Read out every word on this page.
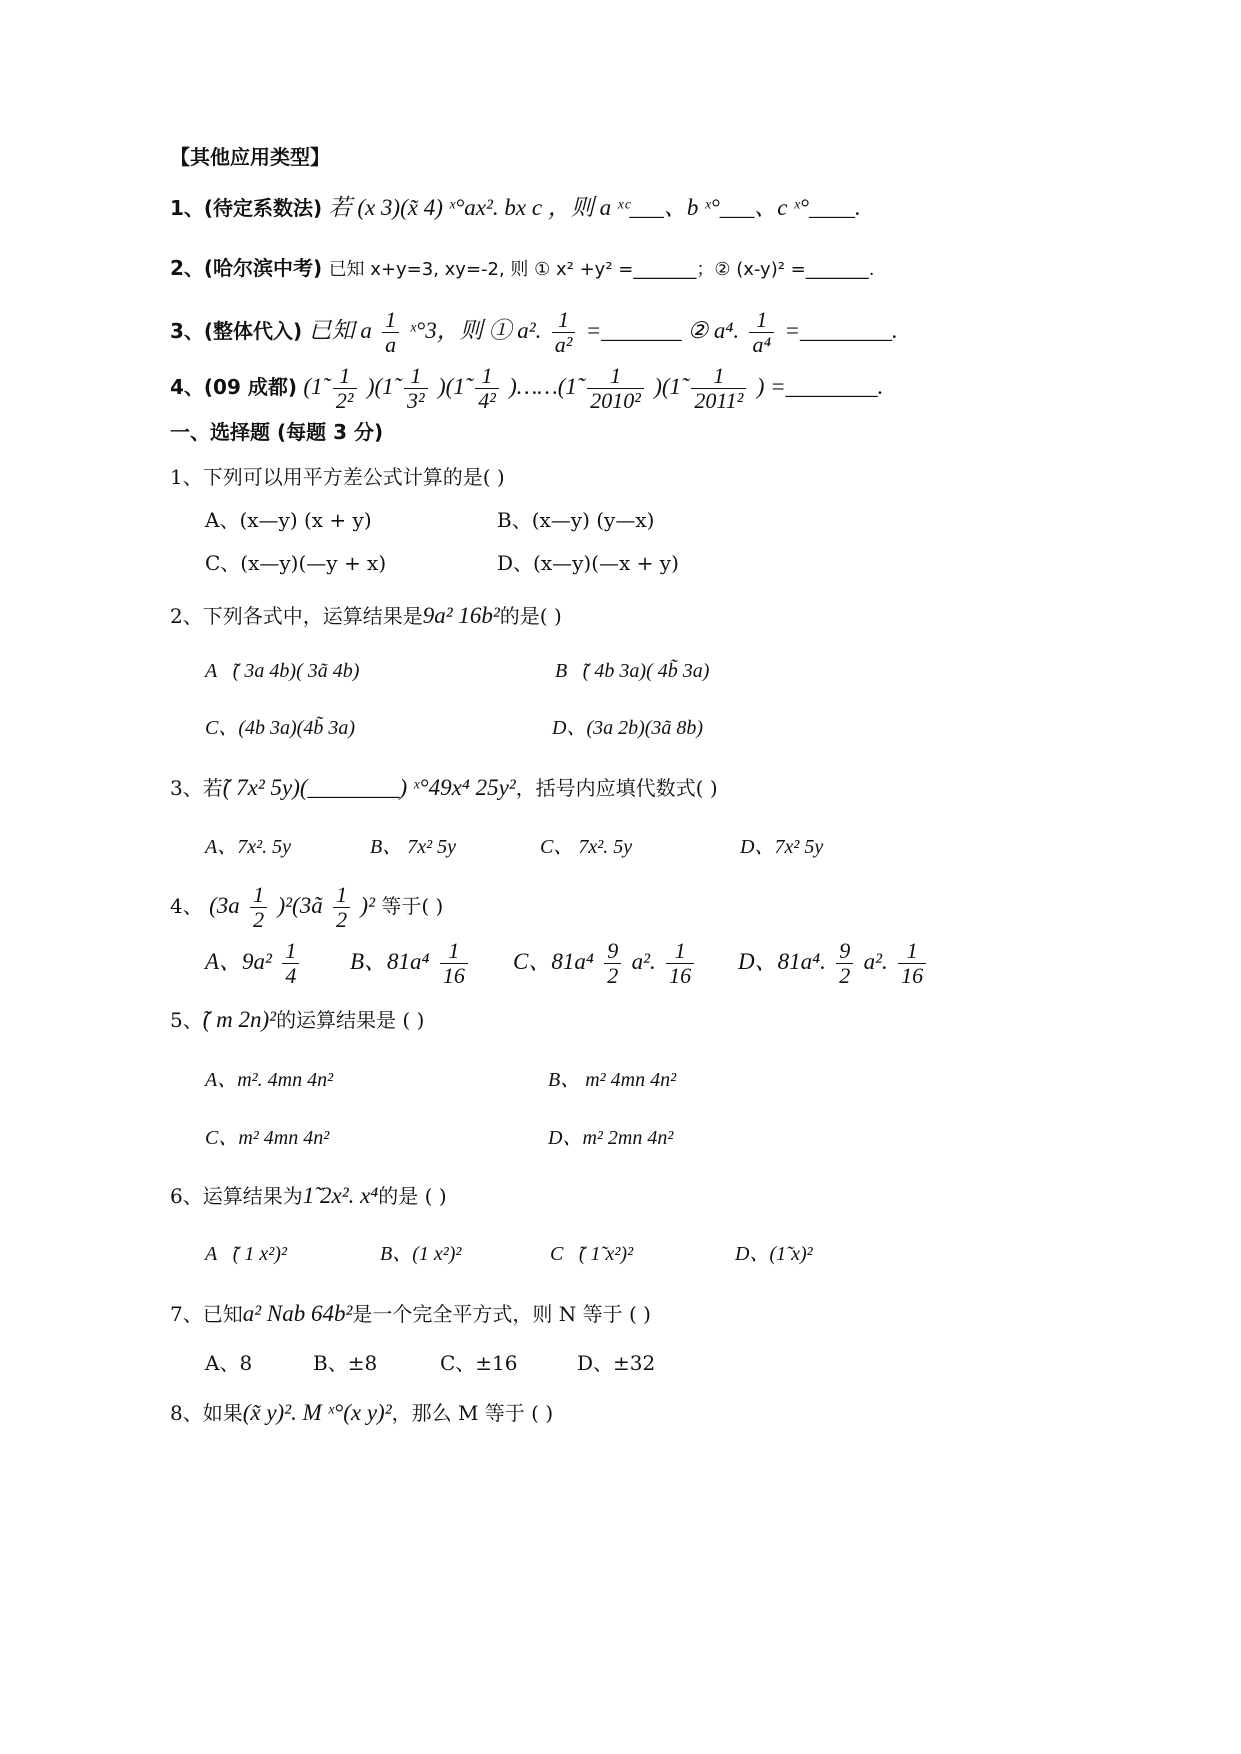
【其他应用类型】
1、(待定系数法) 若 (x 3)(x̃ 4) ˣ°ax². bx c ，则 a ˣᶜ___、b ˣ°___、c ˣ°____.
2、(哈尔滨中考) 已知 x+y=3, xy=-2, 则 ① x² +y² =_______；② (x-y)² =_______.
3、(整体代入) 已知 a $\frac{1}{a}$ ˣ°3，则 ① a². $\frac{1}{\text{a²}}$ =_______ ② a⁴. $\frac{1}{\text{a⁴}}$ =________.
4、(09 成都) (1̃ $\frac{1}{\text{2²}}$ )(1̃ $\frac{1}{\text{3²}}$ )(1̃ $\frac{1}{\text{4²}}$ )……(1̃ $\frac{1}{\text{2010²}}$ )(1̃ $\frac{1}{\text{2011²}}$ ) =________.
一、选择题 (每题 3 分)
1、下列可以用平方差公式计算的是( )
A、(x—y) (x + y)	B、(x—y) (y—x)
C、(x—y)(—y + x)	D、(x—y)(—x + y)
2、下列各式中，运算结果是9a² 16b²的是( )
A、̃( 3a 4b)( 3ã 4b)	B、̃( 4b 3a)( 4b̃ 3a)
C、(4b 3a)(4b̃ 3a)	D、(3a 2b)(3ã 8b)
3、若̃( 7x² 5y)(________) ˣ°49x⁴ 25y²，括号内应填代数式( )
A、7x². 5y	B、 7x² 5y	C、 7x². 5y	D、7x² 5y
4、 ($3a \frac{1}{2}$ )²(3ã $\frac{1}{2} )^2$ 等于( )
A、$9a^2 \frac{1}{4}$ B、$81a^4 \frac{1}{16}$ C、$81a^4 \frac{9}{2} a^2$. $\frac{1}{16}$ D、81a⁴. $\frac{9}{2} a^2$. $\frac{1}{16}$
5、̃( m 2n)²的运算结果是 ( )
A、m². 4mn 4n²	B、 m² 4mn 4n²
C、m² 4mn 4n²	D、m² 2mn 4n²
6、运算结果为1̃ 2x². x⁴的是 ( )
A、̃( 1 x²)²	B、(1 x²)²	C、̃( 1̃ x²)²	D、(1̃ x)²
7、已知a² Nab 64b²是一个完全平方式，则 N 等于 ( )
A、8	B、±8	C、±16	D、±32
8、如果(x̃ y)². M ˣ°(x y)²，那么 M 等于 ( )
